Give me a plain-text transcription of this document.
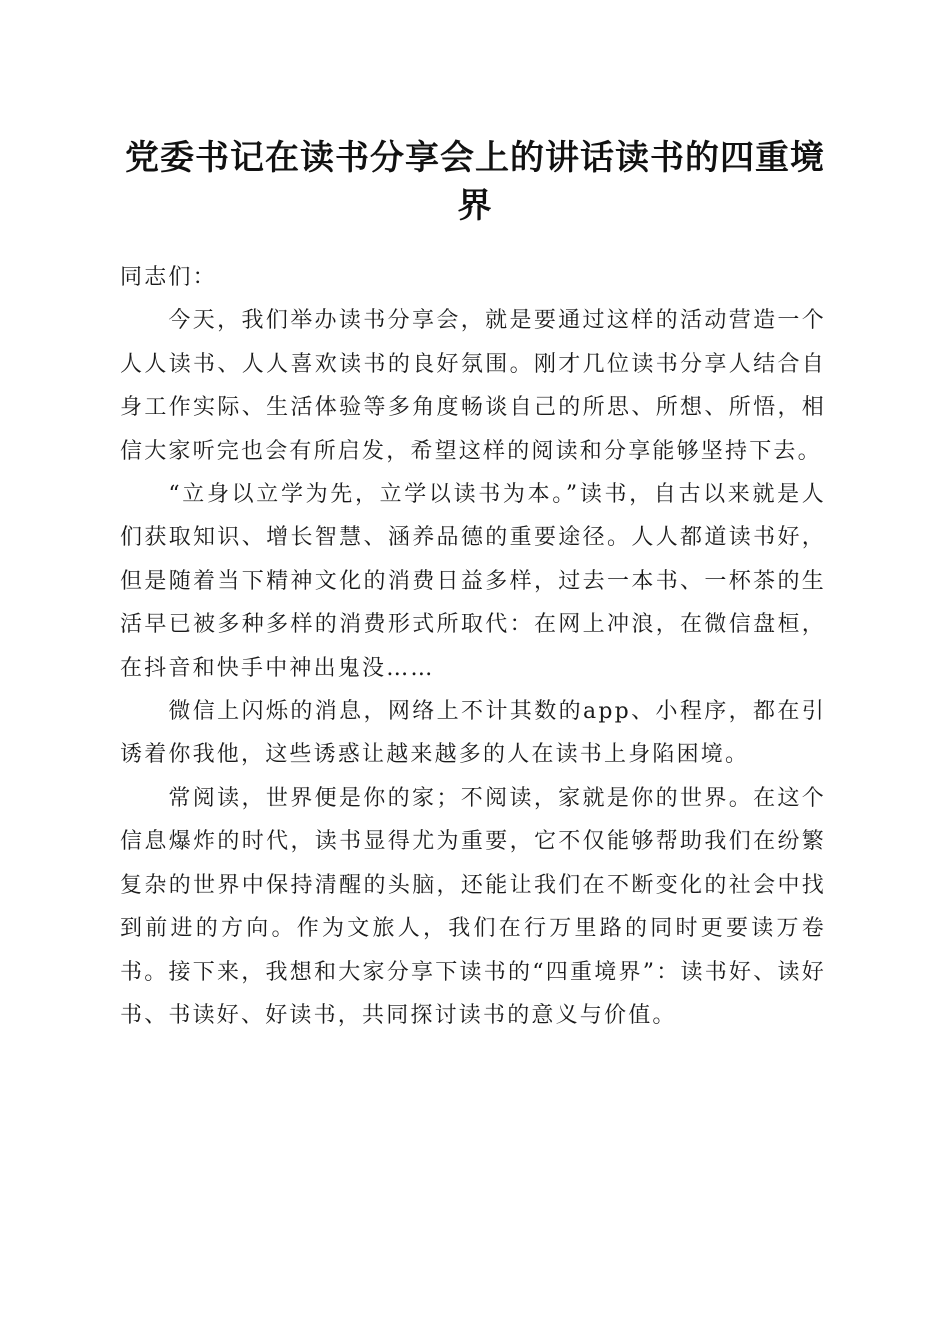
党委书记在读书分享会上的讲话读书的四重境界

同志们：

今天，我们举办读书分享会，就是要通过这样的活动营造一个人人读书、人人喜欢读书的良好氛围。刚才几位读书分享人结合自身工作实际、生活体验等多角度畅谈自己的所思、所想、所悟，相信大家听完也会有所启发，希望这样的阅读和分享能够坚持下去。

“立身以立学为先，立学以读书为本。”读书，自古以来就是人们获取知识、增长智慧、涵养品德的重要途径。人人都道读书好，但是随着当下精神文化的消费日益多样，过去一本书、一杯茶的生活早已被多种多样的消费形式所取代：在网上冲浪，在微信盘桓，在抖音和快手中神出鬼没……

微信上闪烁的消息，网络上不计其数的app、小程序，都在引诱着你我他，这些诱惑让越来越多的人在读书上身陷困境。

常阅读，世界便是你的家；不阅读，家就是你的世界。在这个信息爆炸的时代，读书显得尤为重要，它不仅能够帮助我们在纷繁复杂的世界中保持清醒的头脑，还能让我们在不断变化的社会中找到前进的方向。作为文旅人，我们在行万里路的同时更要读万卷书。接下来，我想和大家分享下读书的“四重境界”：读书好、读好书、书读好、好读书，共同探讨读书的意义与价值。
